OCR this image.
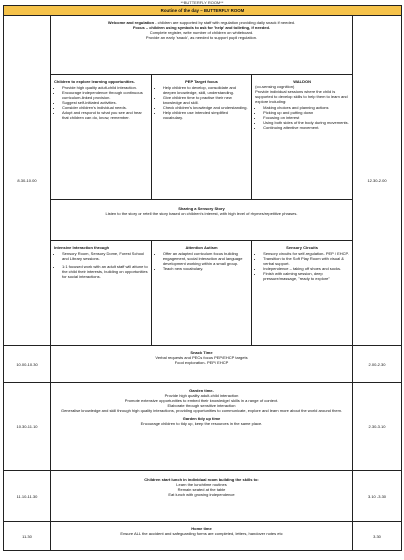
**BUTTERFLY ROOM**
Routine of the day – BUTTERFLY ROOM
8.30-10.00	
Welcome and regulation - children are supported by staff with regulation providing daily snack if needed.
Focus – children using symbols to ask for 'help' and toileting, if needed.
Complete register, write number of children on whiteboard.
Provide an early 'snack', as needed to support pupil regulation.

Children to explore learning opportunities.
• Provide high quality adult-child interaction.
• Encourage independence through continuous curriculum-linked provision.
• Suggest self-initiated activities.
• Consider children's individual needs.
• Adopt and respond to what you see and hear that children can do, know, remember.

PEP Target focus
• Help children to develop, consolidate and deepen knowledge, skill, understanding.
• Give children time to practise their new knowledge and skill.
• Check children's knowledge and understanding.
• Help children use intended simplified vocabulary.

WALDON
(co-sensing cognition)
Provide individual sessions where the child is supported to develop skills to help them to learn and explore including:
• Making choices and planning actions
• Picking up and putting down
• Focusing on interest
• Using both sides of the body during movements.
• Continuing attentive movement.

Sharing a Sensory Story
Listen to the story or retell the story based on children's interest, with high level of rhymes/repetitive phrases.

Intensive Interaction through
• Sensory Room, Sensory Dome, Forest School and Library sessions.
• 1:1 focused work with an adult staff will attune to the child their interests, building on opportunities for social interactions.

Attention Autism
• Offer an adapted curriculum focus building engagement, social interaction and language development working within a small group.
• Teach new vocabulary.

Sensory Circuits
• Sensory circuits for self-regulation- PEP / EHCP.
• Transition to the Soft Play Room with visual & verbal support.
• Independence – taking off shoes and socks.
• Finish with calming session, deep pressure/massage, "ready to explore"
	12.30-2.00
10.00-10.30	
Snack Time
Verbal requests and PECs focus PEP/EHCP targets
Food exploration- PEP/ EHCP	2.00-2.30
10.30-11.10	
Garden time-
Provide high quality adult-child interaction
Promote extensive opportunities to embed their knowledge/ skills in a range of context.
Elaborate through sensitive interaction
Generalise knowledge and skill through high quality interactions, providing opportunities to communicate, explore and learn more about the world around them.
Garden tidy up time
Encourage children to tidy up, keep the resources in the same place.
	2.30-3.10
11.10-11.30	
Children start lunch in individual room building the skills to:
Learn the lunchtime routines
Remain seated at the table
Eat lunch with growing independence	3.10 -3.30
11.30	
Home time
Ensure ALL the accident and safeguarding forms are completed, letters, handover notes etc	3.30
